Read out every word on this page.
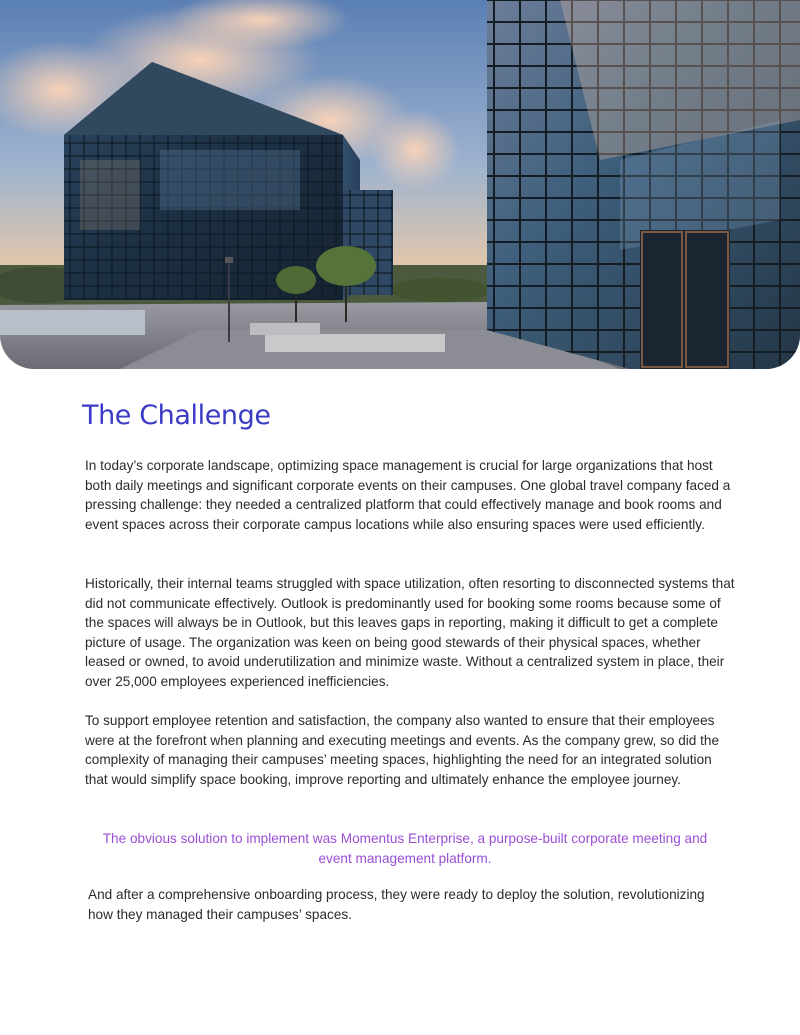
The Challenge

In today’s corporate landscape, optimizing space management is crucial for large organizations that host both daily meetings and significant corporate events on their campuses. One global travel company faced a pressing challenge: they needed a centralized platform that could effectively manage and book rooms and event spaces across their corporate campus locations while also ensuring spaces were used efficiently.

Historically, their internal teams struggled with space utilization, often resorting to disconnected systems that did not communicate effectively. Outlook is predominantly used for booking some rooms because some of the spaces will always be in Outlook, but this leaves gaps in reporting, making it difficult to get a complete picture of usage. The organization was keen on being good stewards of their physical spaces, whether leased or owned, to avoid underutilization and minimize waste. Without a centralized system in place, their over 25,000 employees experienced inefficiencies.

To support employee retention and satisfaction, the company also wanted to ensure that their employees were at the forefront when planning and executing meetings and events. As the company grew, so did the complexity of managing their campuses’ meeting spaces, highlighting the need for an integrated solution that would simplify space booking, improve reporting and ultimately enhance the employee journey.

The obvious solution to implement was Momentus Enterprise, a purpose-built corporate meeting and event management platform.

And after a comprehensive onboarding process, they were ready to deploy the solution, revolutionizing how they managed their campuses’ spaces.
